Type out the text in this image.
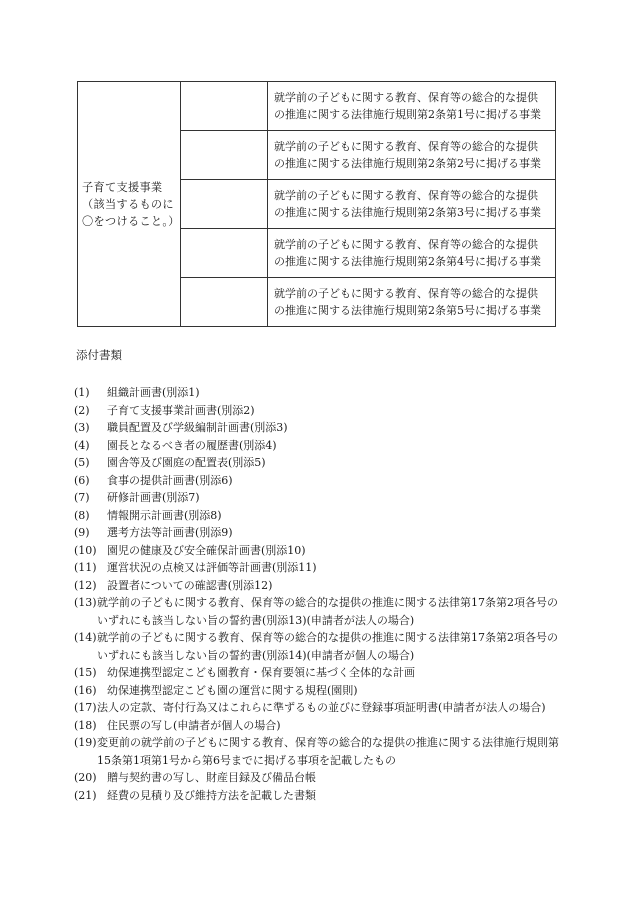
子育て支援事業（該当するものに〇をつけること。）		就学前の子どもに関する教育、保育等の総合的な提供
の推進に関する法律施行規則第2条第1号に掲げる事業
		就学前の子どもに関する教育、保育等の総合的な提供
の推進に関する法律施行規則第2条第2号に掲げる事業
		就学前の子どもに関する教育、保育等の総合的な提供
の推進に関する法律施行規則第2条第3号に掲げる事業
		就学前の子どもに関する教育、保育等の総合的な提供
の推進に関する法律施行規則第2条第4号に掲げる事業
		就学前の子どもに関する教育、保育等の総合的な提供
の推進に関する法律施行規則第2条第5号に掲げる事業
添付書類
(1)	組織計画書(別添1)
(2)	子育て支援事業計画書(別添2)
(3)	職員配置及び学級編制計画書(別添3)
(4)	園長となるべき者の履歴書(別添4)
(5)	園舎等及び園庭の配置表(別添5)
(6)	食事の提供計画書(別添6)
(7)	研修計画書(別添7)
(8)	情報開示計画書(別添8)
(9)	選考方法等計画書(別添9)
(10) 園児の健康及び安全確保計画書(別添10)
(11) 運営状況の点検又は評価等計画書(別添11)
(12) 設置者についての確認書(別添12)
(13) 就学前の子どもに関する教育、保育等の総合的な提供の推進に関する法律第17条第2項各号のいずれにも該当しない旨の誓約書(別添13)(申請者が法人の場合)
(14) 就学前の子どもに関する教育、保育等の総合的な提供の推進に関する法律第17条第2項各号のいずれにも該当しない旨の誓約書(別添14)(申請者が個人の場合)
(15) 幼保連携型認定こども園教育・保育要領に基づく全体的な計画
(16) 幼保連携型認定こども園の運営に関する規程(園則)
(17) 法人の定款、寄付行為又はこれらに準ずるもの並びに登録事項証明書(申請者が法人の場合)
(18) 住民票の写し(申請者が個人の場合)
(19) 変更前の就学前の子どもに関する教育、保育等の総合的な提供の推進に関する法律施行規則第15条第1項第1号から第6号までに掲げる事項を記載したもの
(20) 贈与契約書の写し、財産目録及び備品台帳
(21) 経費の見積り及び維持方法を記載した書類
